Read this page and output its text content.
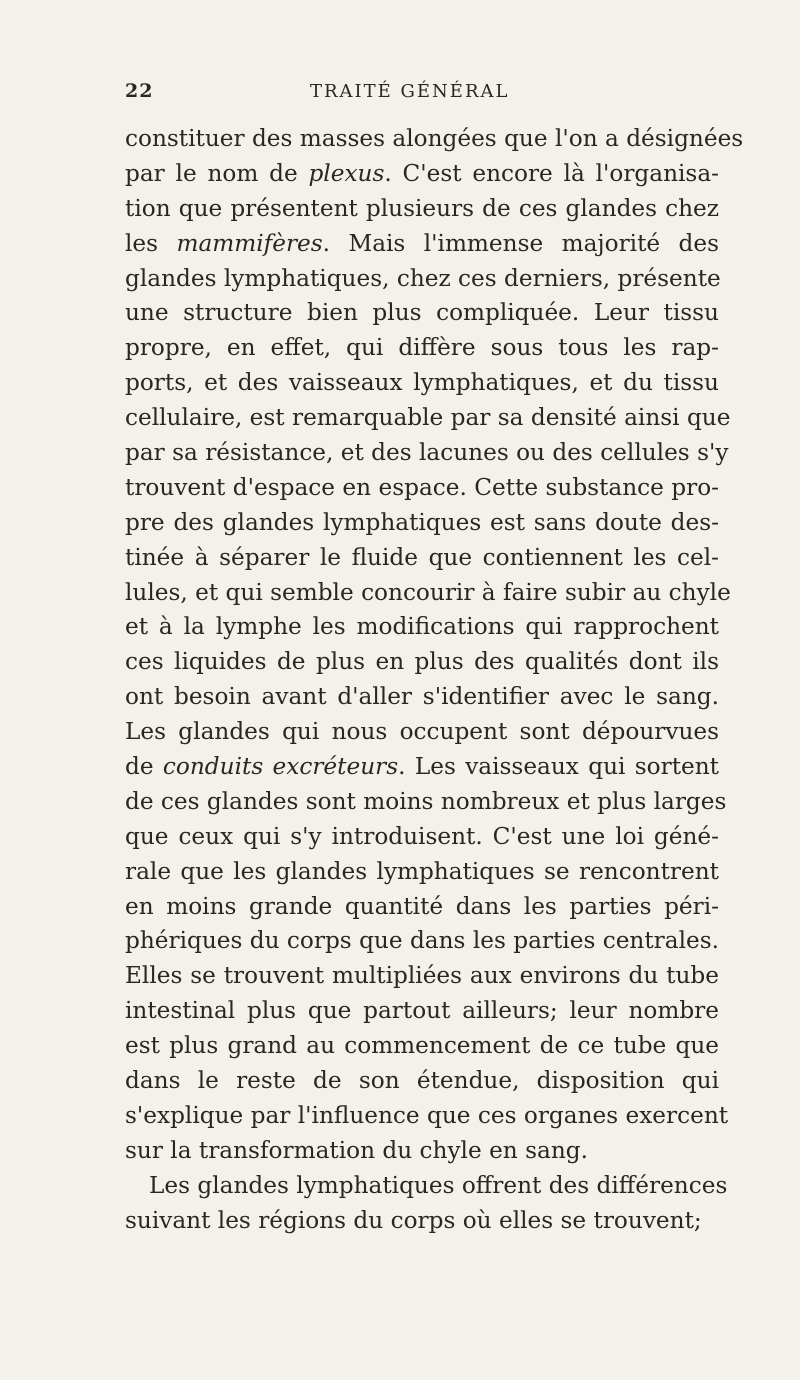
22	TRAITÉ GÉNÉRAL
constituer des masses alongées que l'on a désignées
par le nom de plexus. C'est encore là l'organisa-
tion que présentent plusieurs de ces glandes chez
les mammifères. Mais l'immense majorité des
glandes lymphatiques, chez ces derniers, présente
une structure bien plus compliquée. Leur tissu
propre, en effet, qui diffère sous tous les rap-
ports, et des vaisseaux lymphatiques, et du tissu
cellulaire, est remarquable par sa densité ainsi que
par sa résistance, et des lacunes ou des cellules s'y
trouvent d'espace en espace. Cette substance pro-
pre des glandes lymphatiques est sans doute des-
tinée à séparer le fluide que contiennent les cel-
lules, et qui semble concourir à faire subir au chyle
et à la lymphe les modifications qui rapprochent
ces liquides de plus en plus des qualités dont ils
ont besoin avant d'aller s'identifier avec le sang.
Les glandes qui nous occupent sont dépourvues
de conduits excréteurs. Les vaisseaux qui sortent
de ces glandes sont moins nombreux et plus larges
que ceux qui s'y introduisent. C'est une loi géné-
rale que les glandes lymphatiques se rencontrent
en moins grande quantité dans les parties péri-
phériques du corps que dans les parties centrales.
Elles se trouvent multipliées aux environs du tube
intestinal plus que partout ailleurs; leur nombre
est plus grand au commencement de ce tube que
dans le reste de son étendue, disposition qui
s'explique par l'influence que ces organes exercent
sur la transformation du chyle en sang.
Les glandes lymphatiques offrent des différences
suivant les régions du corps où elles se trouvent;
